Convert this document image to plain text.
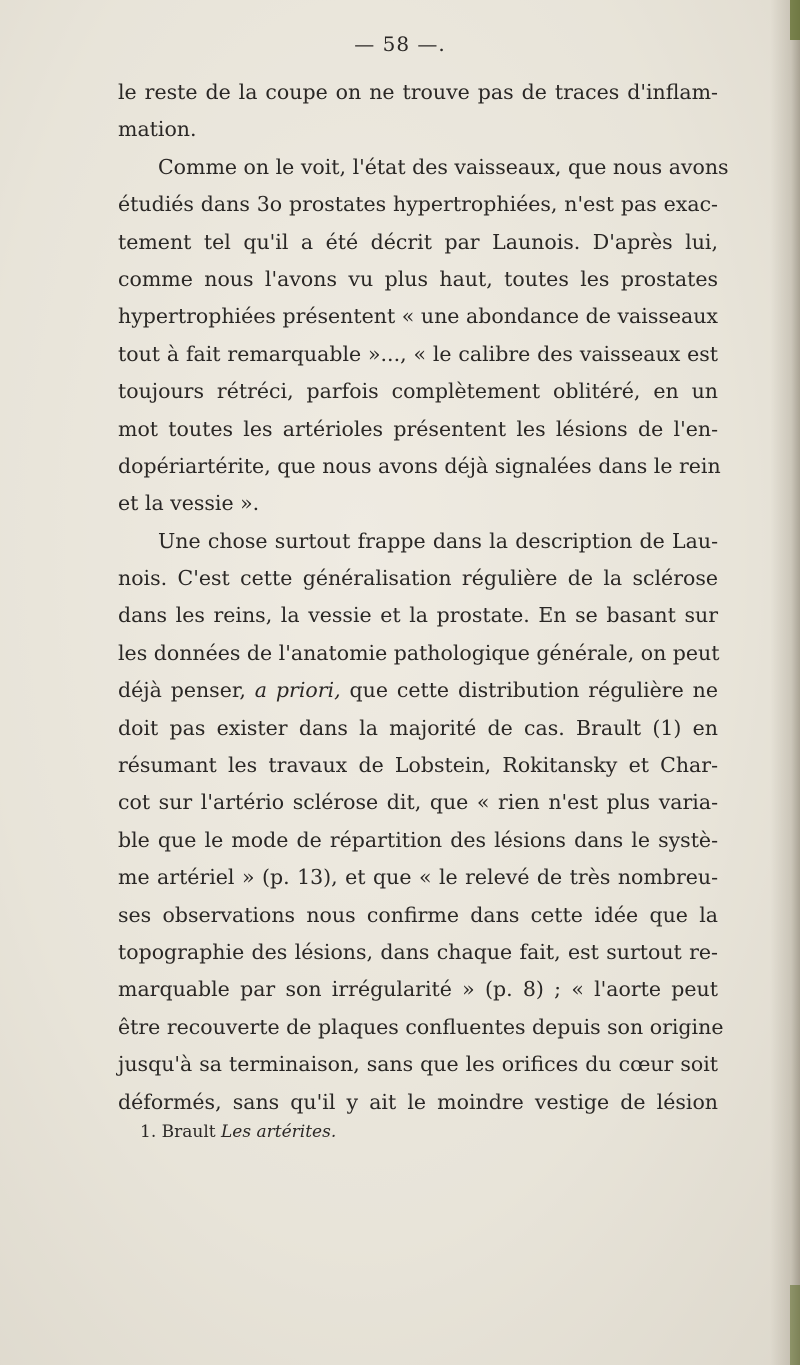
— 58 —.
le reste de la coupe on ne trouve pas de traces d'inflam-
mation.
Comme on le voit, l'état des vaisseaux, que nous avons
étudiés dans 3o prostates hypertrophiées, n'est pas exac-
tement tel qu'il a été décrit par Launois. D'après lui,
comme nous l'avons vu plus haut, toutes les prostates
hypertrophiées présentent « une abondance de vaisseaux
tout à fait remarquable »..., « le calibre des vaisseaux est
toujours rétréci, parfois complètement oblitéré, en un
mot toutes les artérioles présentent les lésions de l'en-
dopériartérite, que nous avons déjà signalées dans le rein
et la vessie ».
Une chose surtout frappe dans la description de Lau-
nois. C'est cette généralisation régulière de la sclérose
dans les reins, la vessie et la prostate. En se basant sur
les données de l'anatomie pathologique générale, on peut
déjà penser, a priori, que cette distribution régulière ne
doit pas exister dans la majorité de cas. Brault (1) en
résumant les travaux de Lobstein, Rokitansky et Char-
cot sur l'artério sclérose dit, que « rien n'est plus varia-
ble que le mode de répartition des lésions dans le systè-
me artériel » (p. 13), et que « le relevé de très nombreu-
ses observations nous confirme dans cette idée que la
topographie des lésions, dans chaque fait, est surtout re-
marquable par son irrégularité » (p. 8) ; « l'aorte peut
être recouverte de plaques confluentes depuis son origine
jusqu'à sa terminaison, sans que les orifices du cœur soit
déformés, sans qu'il y ait le moindre vestige de lésion
1. Brault Les artérites.
